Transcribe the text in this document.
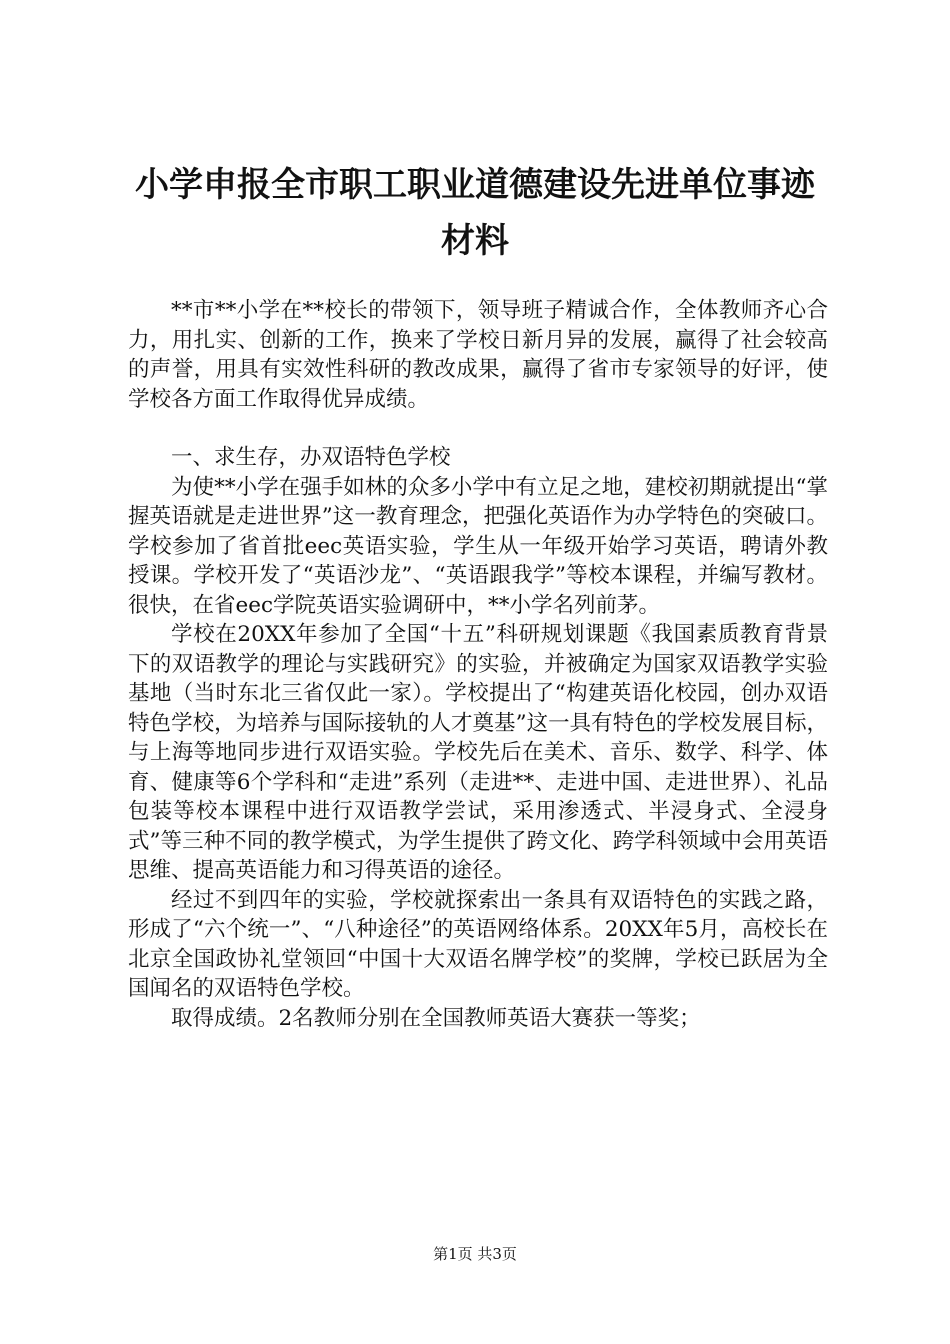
小学申报全市职工职业道德建设先进单位事迹
材料

**市**小学在**校长的带领下，领导班子精诚合作，全体教师齐心合力，用扎实、创新的工作，换来了学校日新月异的发展，赢得了社会较高的声誉，用具有实效性科研的教改成果，赢得了省市专家领导的好评，使学校各方面工作取得优异成绩。

一、求生存，办双语特色学校

为使**小学在强手如林的众多小学中有立足之地，建校初期就提出“掌握英语就是走进世界”这一教育理念，把强化英语作为办学特色的突破口。学校参加了省首批eec英语实验，学生从一年级开始学习英语，聘请外教授课。学校开发了“英语沙龙”、“英语跟我学”等校本课程，并编写教材。很快，在省eec学院英语实验调研中，**小学名列前茅。

学校在20XX年参加了全国“十五”科研规划课题《我国素质教育背景下的双语教学的理论与实践研究》的实验，并被确定为国家双语教学实验基地（当时东北三省仅此一家）。学校提出了“构建英语化校园，创办双语特色学校，为培养与国际接轨的人才奠基”这一具有特色的学校发展目标，与上海等地同步进行双语实验。学校先后在美术、音乐、数学、科学、体育、健康等6个学科和“走进”系列（走进**、走进中国、走进世界）、礼品包装等校本课程中进行双语教学尝试，采用渗透式、半浸身式、全浸身式”等三种不同的教学模式，为学生提供了跨文化、跨学科领域中会用英语思维、提高英语能力和习得英语的途径。

经过不到四年的实验，学校就探索出一条具有双语特色的实践之路，形成了“六个统一”、“八种途径”的英语网络体系。20XX年5月，高校长在北京全国政协礼堂领回“中国十大双语名牌学校”的奖牌，学校已跃居为全国闻名的双语特色学校。

取得成绩。2名教师分别在全国教师英语大赛获一等奖；

第1页 共3页
